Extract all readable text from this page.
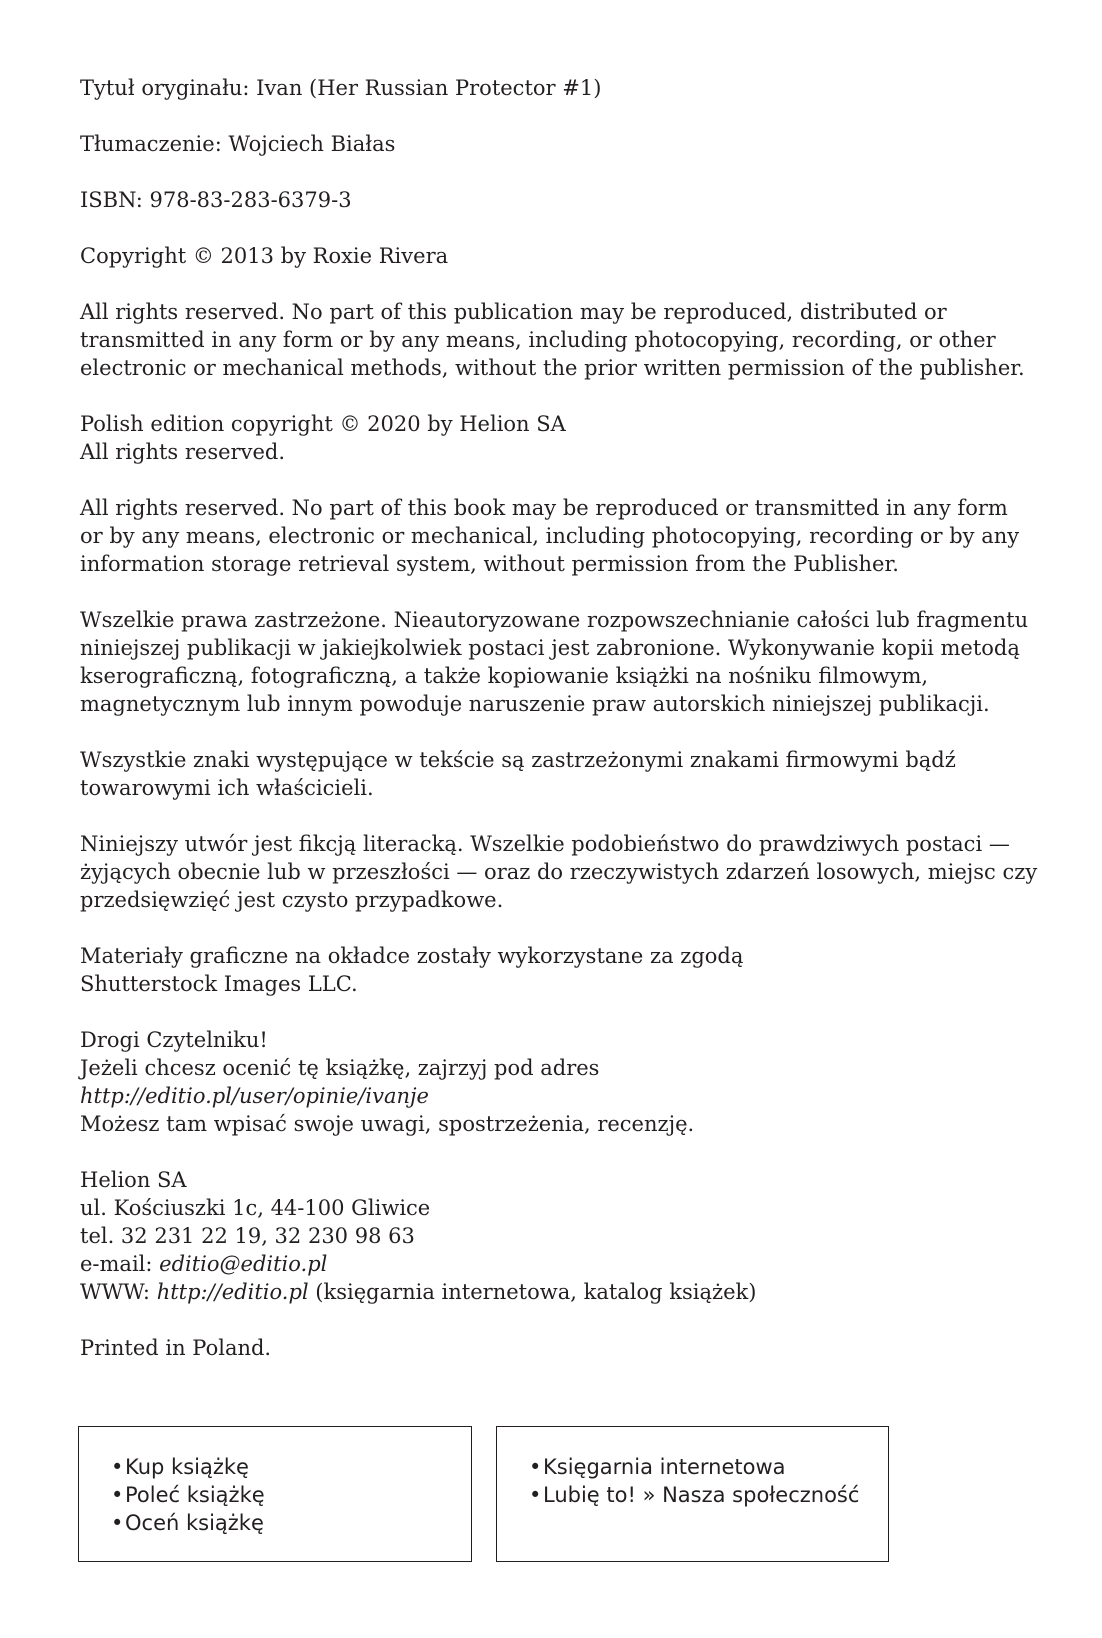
Tytuł oryginału: Ivan (Her Russian Protector #1)

Tłumaczenie: Wojciech Białas

ISBN: 978-83-283-6379-3

Copyright © 2013 by Roxie Rivera

All rights reserved. No part of this publication may be reproduced, distributed or
transmitted in any form or by any means, including photocopying, recording, or other
electronic or mechanical methods, without the prior written permission of the publisher.

Polish edition copyright © 2020 by Helion SA
All rights reserved.

All rights reserved. No part of this book may be reproduced or transmitted in any form
or by any means, electronic or mechanical, including photocopying, recording or by any
information storage retrieval system, without permission from the Publisher.

Wszelkie prawa zastrzeżone. Nieautoryzowane rozpowszechnianie całości lub fragmentu
niniejszej publikacji w jakiejkolwiek postaci jest zabronione. Wykonywanie kopii metodą
kserograficzną, fotograficzną, a także kopiowanie książki na nośniku filmowym,
magnetycznym lub innym powoduje naruszenie praw autorskich niniejszej publikacji.

Wszystkie znaki występujące w tekście są zastrzeżonymi znakami firmowymi bądź
towarowymi ich właścicieli.

Niniejszy utwór jest fikcją literacką. Wszelkie podobieństwo do prawdziwych postaci —
żyjących obecnie lub w przeszłości — oraz do rzeczywistych zdarzeń losowych, miejsc czy
przedsięwzięć jest czysto przypadkowe.

Materiały graficzne na okładce zostały wykorzystane za zgodą
Shutterstock Images LLC.

Drogi Czytelniku!
Jeżeli chcesz ocenić tę książkę, zajrzyj pod adres
http://editio.pl/user/opinie/ivanje
Możesz tam wpisać swoje uwagi, spostrzeżenia, recenzję.

Helion SA
ul. Kościuszki 1c, 44-100 Gliwice
tel. 32 231 22 19, 32 230 98 63
e-mail: editio@editio.pl
WWW: http://editio.pl (księgarnia internetowa, katalog książek)

Printed in Poland.

•Kup książkę
•Poleć książkę
•Oceń książkę
•Księgarnia internetowa
•Lubię to! » Nasza społeczność
